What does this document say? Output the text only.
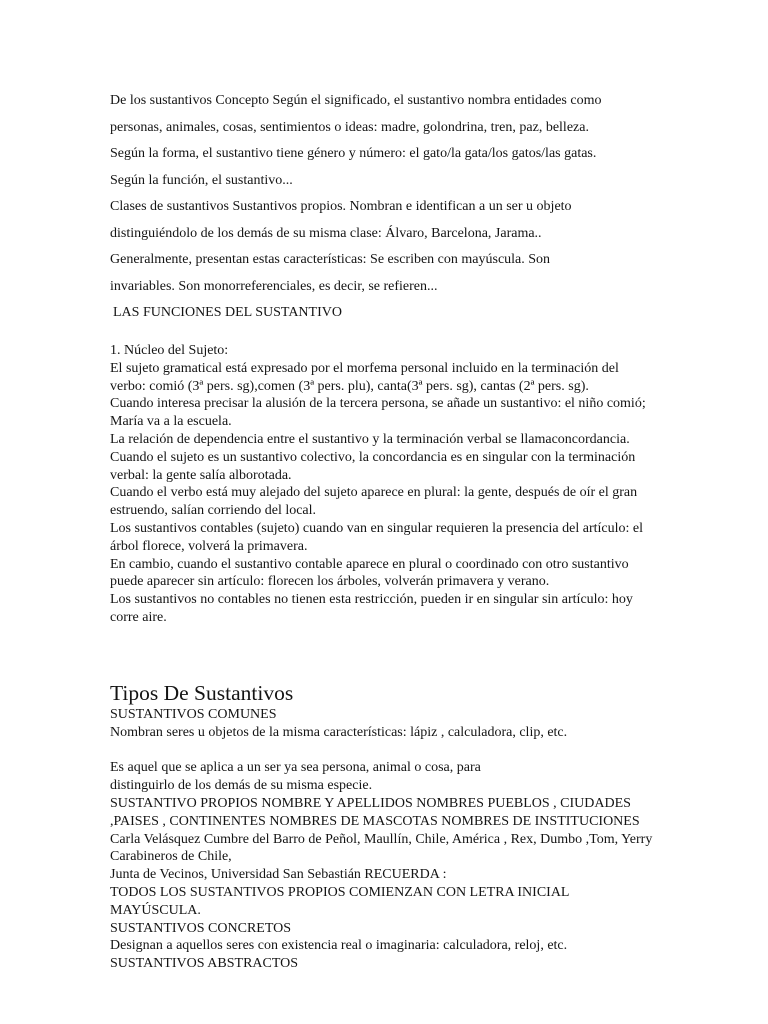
De los sustantivos Concepto Según el significado, el sustantivo nombra entidades como

personas, animales, cosas, sentimientos o ideas: madre, golondrina, tren, paz, belleza.

Según la forma, el sustantivo tiene género y número: el gato/la gata/los gatos/las gatas.

Según la función, el sustantivo...

Clases de sustantivos Sustantivos propios. Nombran e identifican a un ser u objeto

distinguiéndolo de los demás de su misma clase: Álvaro, Barcelona, Jarama..

Generalmente, presentan estas características: Se escriben con mayúscula. Son

invariables. Son monorreferenciales, es decir, se refieren...

LAS FUNCIONES DEL SUSTANTIVO

1. Núcleo del Sujeto:

El sujeto gramatical está expresado por el morfema personal incluido en la terminación del verbo: comió (3ª pers. sg),comen (3ª pers. plu), canta(3ª pers. sg), cantas (2ª pers. sg).

Cuando interesa precisar la alusión de la tercera persona, se añade un sustantivo: el niño comió; María va a la escuela.

La relación de dependencia entre el sustantivo y la terminación verbal se llamaconcordancia.

Cuando el sujeto es un sustantivo colectivo, la concordancia es en singular con la terminación verbal: la gente salía alborotada.

Cuando el verbo está muy alejado del sujeto aparece en plural: la gente, después de oír el gran estruendo, salían corriendo del local.

Los sustantivos contables (sujeto) cuando van en singular requieren la presencia del artículo: el árbol florece, volverá la primavera.

En cambio, cuando el sustantivo contable aparece en plural o coordinado con otro sustantivo puede aparecer sin artículo: florecen los árboles, volverán primavera y verano.

Los sustantivos no contables no tienen esta restricción, pueden ir en singular sin artículo: hoy corre aire.

Tipos De Sustantivos

SUSTANTIVOS COMUNES

Nombran seres u objetos de la misma características: lápiz , calculadora, clip, etc.

Es aquel que se aplica a un ser ya sea persona, animal o cosa, para

distinguirlo de los demás de su misma especie.

SUSTANTIVO PROPIOS NOMBRE Y APELLIDOS NOMBRES PUEBLOS , CIUDADES ,PAISES , CONTINENTES NOMBRES DE MASCOTAS NOMBRES DE INSTITUCIONES Carla Velásquez Cumbre del Barro de Peñol, Maullín, Chile, América , Rex, Dumbo ,Tom, Yerry Carabineros de Chile,

Junta de Vecinos, Universidad San Sebastián RECUERDA :

TODOS LOS SUSTANTIVOS PROPIOS COMIENZAN CON LETRA INICIAL MAYÚSCULA.

SUSTANTIVOS CONCRETOS

Designan a aquellos seres con existencia real o imaginaria: calculadora, reloj, etc.

SUSTANTIVOS ABSTRACTOS
